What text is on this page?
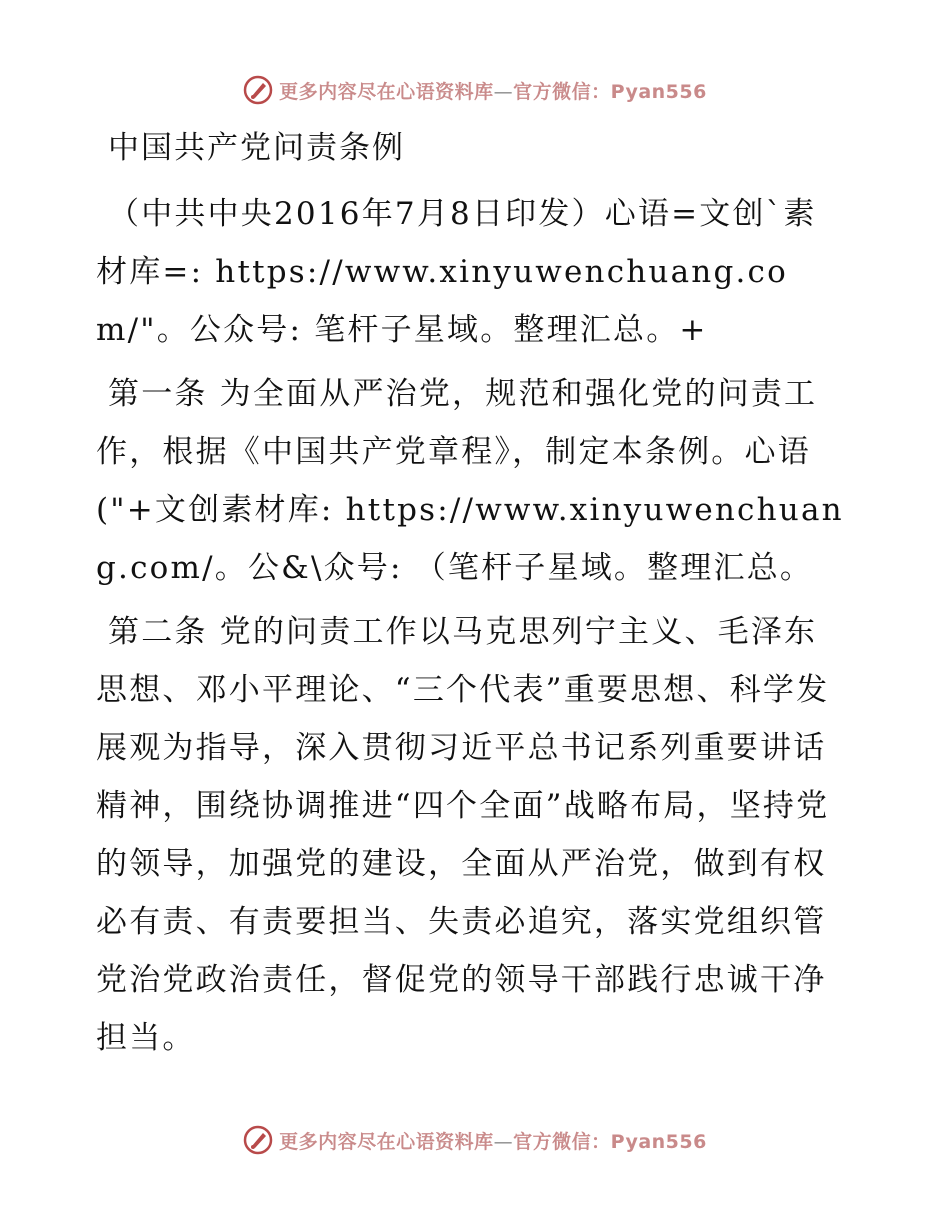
更多内容尽在心语资料库—官方微信：Pyan556
中国共产党问责条例

（中共中央2016年7月8日印发）心语=文创`素材库=: https://www.xinyuwenchuang.com/"。公众号: 笔杆子星域。整理汇总。+

第一条 为全面从严治党，规范和强化党的问责工作，根据《中国共产党章程》，制定本条例。心语("+文创素材库: https://www.xinyuwenchuang.com/。公&\众号: （笔杆子星域。整理汇总。

第二条 党的问责工作以马克思列宁主义、毛泽东思想、邓小平理论、“三个代表”重要思想、科学发展观为指导，深入贯彻习近平总书记系列重要讲话精神，围绕协调推进“四个全面”战略布局，坚持党的领导，加强党的建设，全面从严治党，做到有权必有责、有责要担当、失责必追究，落实党组织管党治党政治责任，督促党的领导干部践行忠诚干净担当。

更多内容尽在心语资料库—官方微信：Pyan556
